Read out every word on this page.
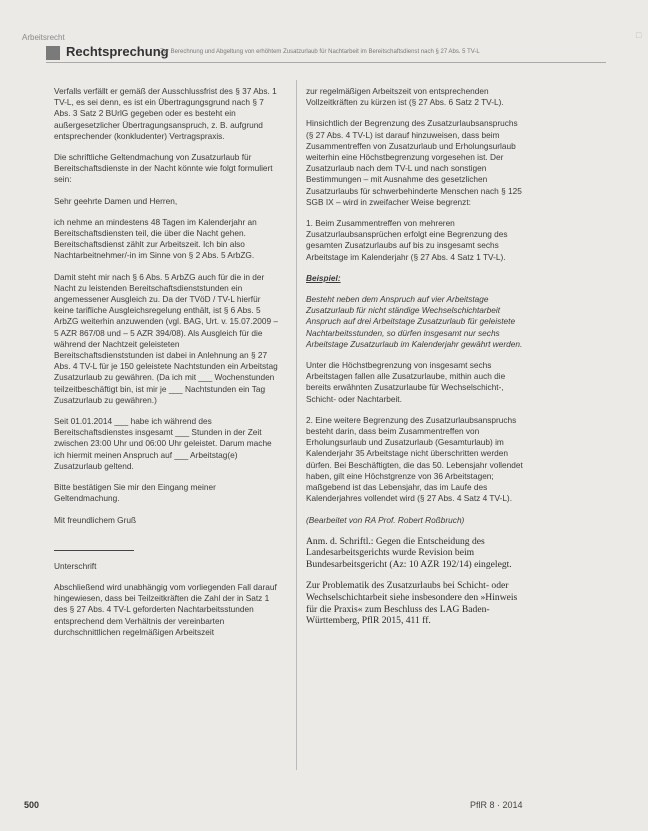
Arbeitsrecht
Rechtsprechung
Zur Berechnung und Abgeltung von erhöhtem Zusatzurlaub für Nachtarbeit im Bereitschaftsdienst nach § 27 Abs. 5 TV-L
□

Verfalls verfällt er gemäß der Ausschlussfrist des § 37 Abs. 1 TV-L, es sei denn, es ist ein Übertragungsgrund nach § 7 Abs. 3 Satz 2 BUrlG gegeben oder es besteht ein außergesetzlicher Übertragungsanspruch, z. B. aufgrund entsprechender (konkludenter) Vertragspraxis.

Die schriftliche Geltendmachung von Zusatzurlaub für Bereitschaftsdienste in der Nacht könnte wie folgt formuliert sein:

Sehr geehrte Damen und Herren,

ich nehme an mindestens 48 Tagen im Kalenderjahr an Bereitschaftsdiensten teil, die über die Nacht gehen. Bereitschaftsdienst zählt zur Arbeitszeit. Ich bin also Nachtarbeitnehmer/-in im Sinne von § 2 Abs. 5 ArbZG.

Damit steht mir nach § 6 Abs. 5 ArbZG auch für die in der Nacht zu leistenden Bereitschaftsdienststunden ein angemessener Ausgleich zu. Da der TVöD / TV-L hierfür keine tarifliche Ausgleichsregelung enthält, ist § 6 Abs. 5 ArbZG weiterhin anzuwenden (vgl. BAG, Urt. v. 15.07.2009 – 5 AZR 867/08 und – 5 AZR 394/08). Als Ausgleich für die während der Nachtzeit geleisteten Bereitschaftsdienststunden ist dabei in Anlehnung an § 27 Abs. 4 TV-L für je 150 geleistete Nachtstunden ein Arbeitstag Zusatzurlaub zu gewähren. (Da ich mit ___ Wochenstunden teilzeitbeschäftigt bin, ist mir je ___ Nachtstunden ein Tag Zusatzurlaub zu gewähren.)

Seit 01.01.2014 ___ habe ich während des Bereitschaftsdienstes insgesamt ___ Stunden in der Zeit zwischen 23:00 Uhr und 06:00 Uhr geleistet. Darum mache ich hiermit meinen Anspruch auf ___ Arbeitstag(e) Zusatzurlaub geltend.

Bitte bestätigen Sie mir den Eingang meiner Geltendmachung.

Mit freundlichem Gruß

Unterschrift

Abschließend wird unabhängig vom vorliegenden Fall darauf hingewiesen, dass bei Teilzeitkräften die Zahl der in Satz 1 des § 27 Abs. 4 TV-L geforderten Nachtarbeitsstunden entsprechend dem Verhältnis der vereinbarten durchschnittlichen regelmäßigen Arbeitszeit

zur regelmäßigen Arbeitszeit von entsprechenden Vollzeitkräften zu kürzen ist (§ 27 Abs. 6 Satz 2 TV-L).

Hinsichtlich der Begrenzung des Zusatzurlaubsanspruchs (§ 27 Abs. 4 TV-L) ist darauf hinzuweisen, dass beim Zusammentreffen von Zusatzurlaub und Erholungsurlaub weiterhin eine Höchstbegrenzung vorgesehen ist. Der Zusatzurlaub nach dem TV-L und nach sonstigen Bestimmungen – mit Ausnahme des gesetzlichen Zusatzurlaubs für schwerbehinderte Menschen nach § 125 SGB IX – wird in zweifacher Weise begrenzt:

1. Beim Zusammentreffen von mehreren Zusatzurlaubsansprüchen erfolgt eine Begrenzung des gesamten Zusatzurlaubs auf bis zu insgesamt sechs Arbeitstage im Kalenderjahr (§ 27 Abs. 4 Satz 1 TV-L).

Beispiel:

Besteht neben dem Anspruch auf vier Arbeitstage Zusatzurlaub für nicht ständige Wechselschichtarbeit Anspruch auf drei Arbeitstage Zusatzurlaub für geleistete Nachtarbeitsstunden, so dürfen insgesamt nur sechs Arbeitstage Zusatzurlaub im Kalenderjahr gewährt werden.

Unter die Höchstbegrenzung von insgesamt sechs Arbeitstagen fallen alle Zusatzurlaube, mithin auch die bereits erwähnten Zusatzurlaube für Wechselschicht-, Schicht- oder Nachtarbeit.

2. Eine weitere Begrenzung des Zusatzurlaubsanspruchs besteht darin, dass beim Zusammentreffen von Erholungsurlaub und Zusatzurlaub (Gesamturlaub) im Kalenderjahr 35 Arbeitstage nicht überschritten werden dürfen. Bei Beschäftigten, die das 50. Lebensjahr vollendet haben, gilt eine Höchstgrenze von 36 Arbeitstagen; maßgebend ist das Lebensjahr, das im Laufe des Kalenderjahres vollendet wird (§ 27 Abs. 4 Satz 4 TV-L).

(Bearbeitet von RA Prof. Robert Roßbruch)

Anm. d. Schriftl.: Gegen die Entscheidung des Landesarbeitsgerichts wurde Revision beim Bundesarbeitsgericht (Az: 10 AZR 192/14) eingelegt.

Zur Problematik des Zusatzurlaubs bei Schicht- oder Wechselschichtarbeit siehe insbesondere den »Hinweis für die Praxis« zum Beschluss des LAG Baden-Württemberg, PflR 2015, 411 ff.

500	PflR 8 · 2014
